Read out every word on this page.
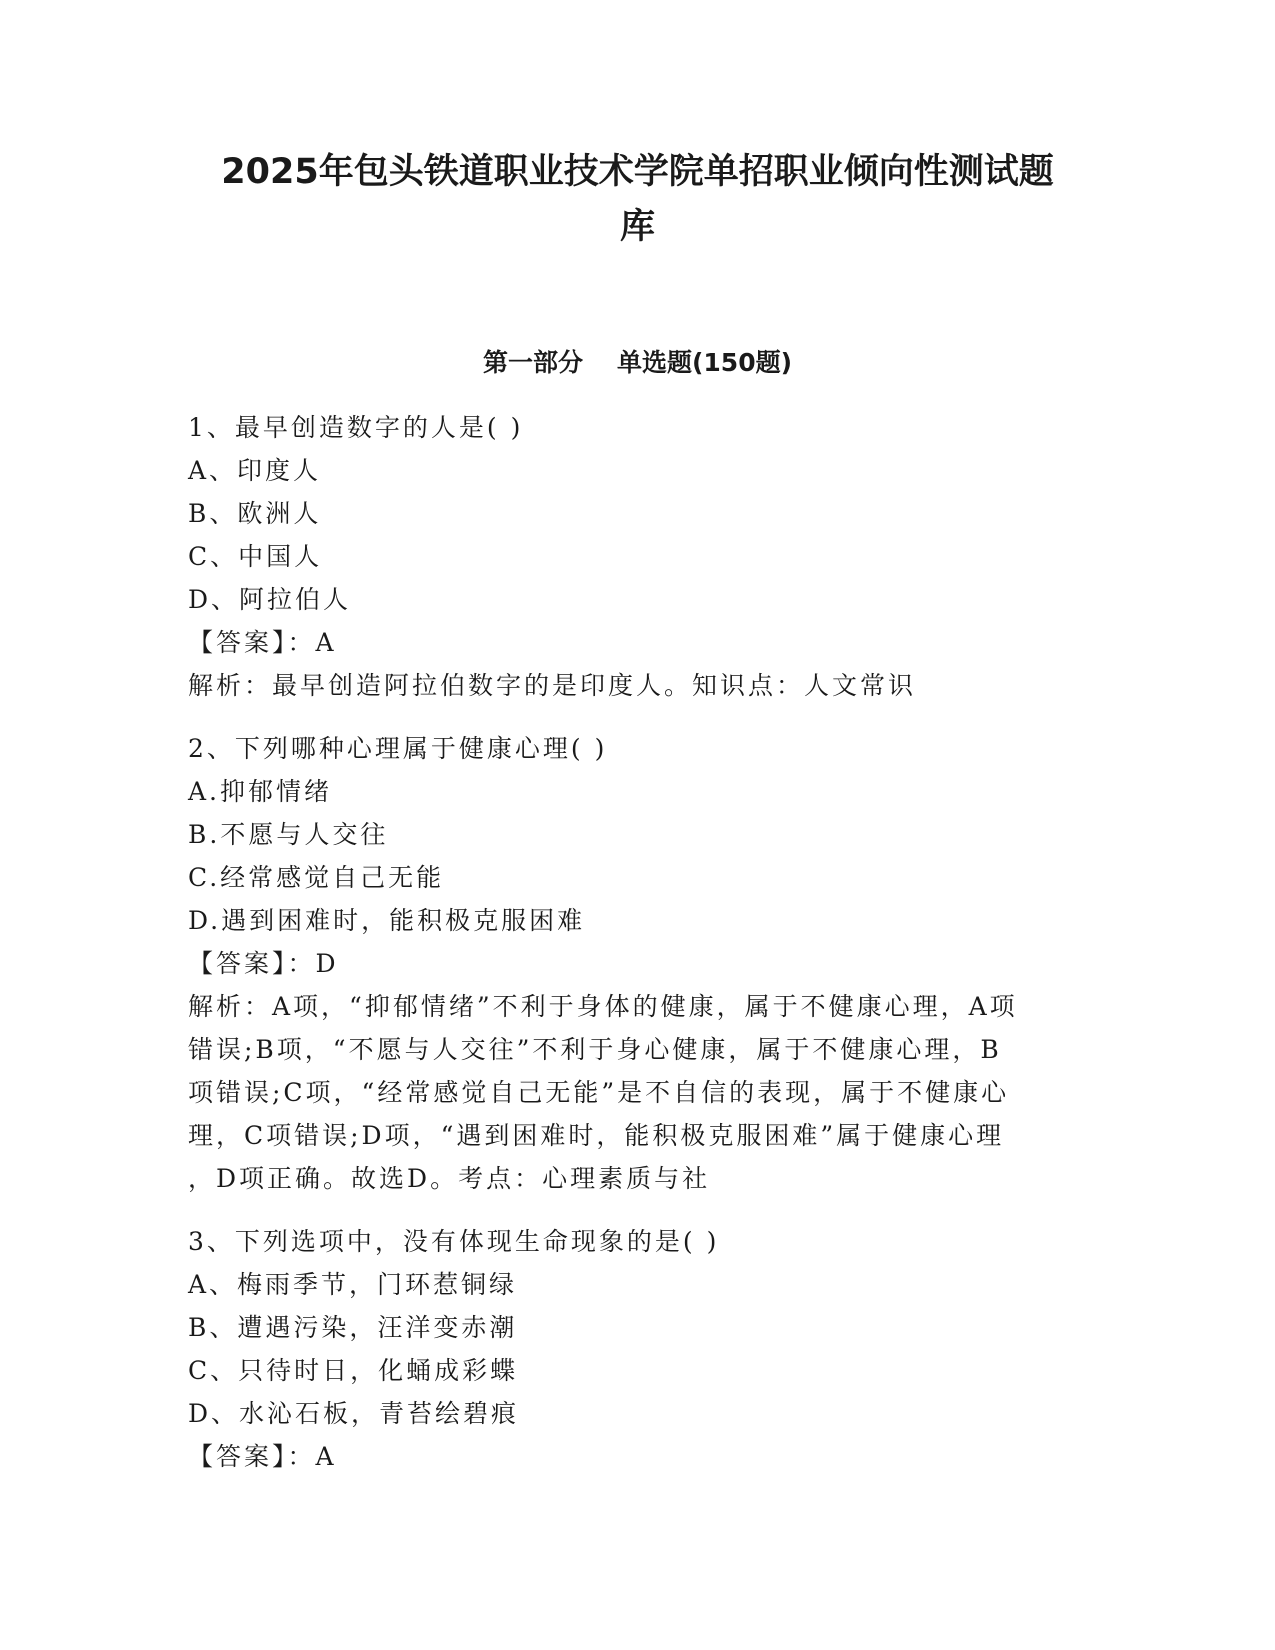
2025年包头铁道职业技术学院单招职业倾向性测试题
库
第一部分 单选题(150题)
1、最早创造数字的人是( )
A、印度人
B、欧洲人
C、中国人
D、阿拉伯人
【答案】：A
解析：最早创造阿拉伯数字的是印度人。知识点：人文常识
2、下列哪种心理属于健康心理( )
A.抑郁情绪
B.不愿与人交往
C.经常感觉自己无能
D.遇到困难时，能积极克服困难
【答案】：D
解析：A项，“抑郁情绪”不利于身体的健康，属于不健康心理，A项
错误;B项，“不愿与人交往”不利于身心健康，属于不健康心理，B
项错误;C项，“经常感觉自己无能”是不自信的表现，属于不健康心
理，C项错误;D项，“遇到困难时，能积极克服困难”属于健康心理
，D项正确。故选D。考点：心理素质与社
3、下列选项中，没有体现生命现象的是( )
A、梅雨季节，门环惹铜绿
B、遭遇污染，汪洋变赤潮
C、只待时日，化蛹成彩蝶
D、水沁石板，青苔绘碧痕
【答案】：A
